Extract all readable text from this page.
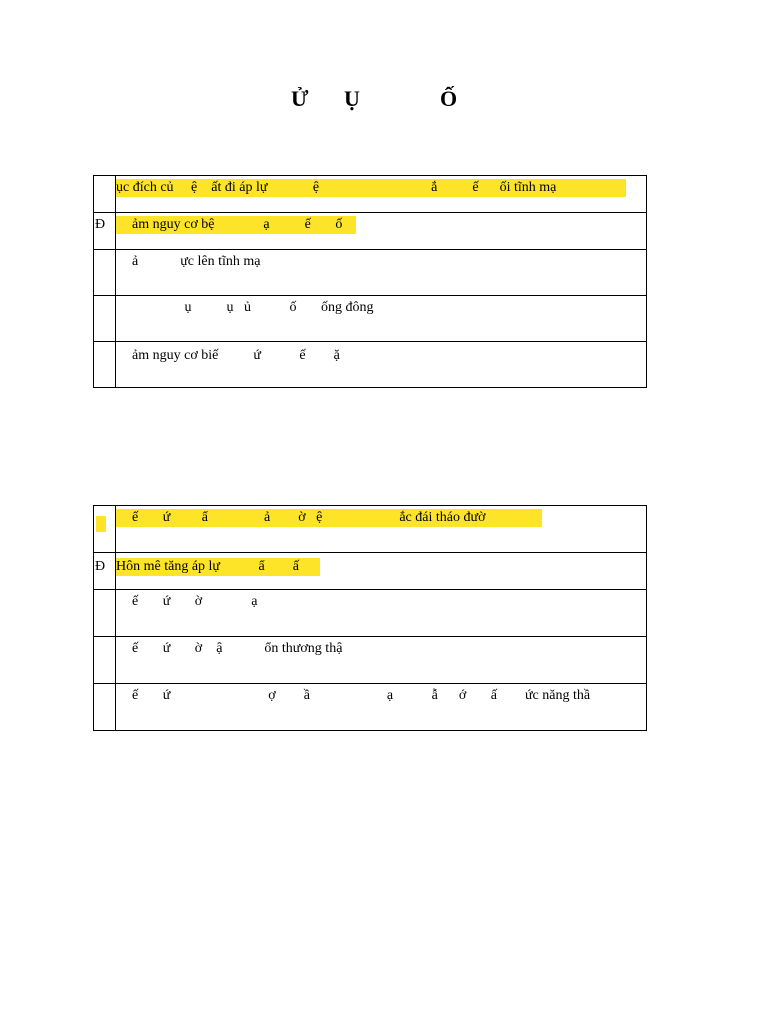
Ử Ụ	Ố

	ục đích củ     ệ    ất đi áp lự             ệ                                ắ          ế      ối tĩnh mạ

Đ	ảm nguy cơ bệ              ạ          ế       ố

	ả            ực lên tĩnh mạ

	ụ          ụ   ủ           ố       ống đông

	ảm nguy cơ biế          ứ           ế        ặ

	ế       ứ         ẩ                ả        ờ   ệ                      ắc đái tháo đườ

Đ	Hôn mê tăng áp lự           ẩ        ấ

	ế       ứ       ờ              ạ

	ế       ứ       ờ    ậ            ổn thương thậ

	ế       ứ                            ợ        ầ                      ạ           ẫ      ớ       ấ        ức năng thầ
